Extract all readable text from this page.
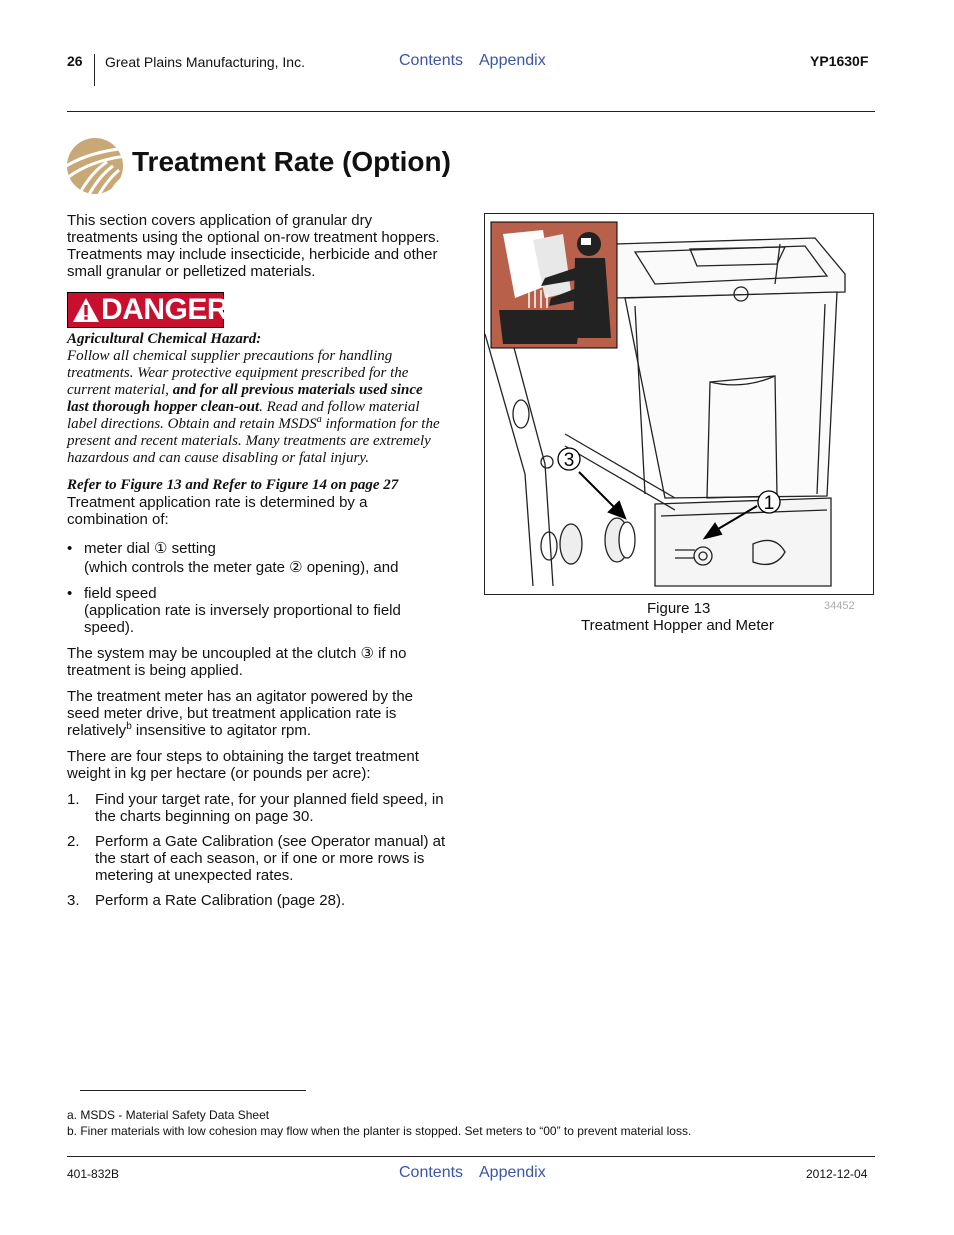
26 Great Plains Manufacturing, Inc.	Contents Appendix	YP1630F
Treatment Rate (Option)
This section covers application of granular dry
treatments using the optional on-row treatment hoppers.
Treatments may include insecticide, herbicide and other
small granular or pelletized materials.
DANGER
Agricultural Chemical Hazard:
Follow all chemical supplier precautions for handling
treatments. Wear protective equipment prescribed for the
current material, and for all previous materials used since
last thorough hopper clean-out. Read and follow material
label directions. Obtain and retain MSDS$^a$ information for the
present and recent materials. Many treatments are extremely
hazardous and can cause disabling or fatal injury.
Refer to Figure 13 and Refer to Figure 14 on page 27
Treatment application rate is determined by a
combination of:
• meter dial ① setting
(which controls the meter gate ② opening), and
• field speed
(application rate is inversely proportional to field
speed).
The system may be uncoupled at the clutch ③ if no
treatment is being applied.
The treatment meter has an agitator powered by the
seed meter drive, but treatment application rate is
relatively$^b$ insensitive to agitator rpm.
There are four steps to obtaining the target treatment
weight in kg per hectare (or pounds per acre):
1. Find your target rate, for your planned field speed, in
the charts beginning on page 30.
2. Perform a Gate Calibration (see Operator manual) at
the start of each season, or if one or more rows is
metering at unexpected rates.
3. Perform a Rate Calibration (page 28).
3
1
Figure 13
Treatment Hopper and Meter
34452
a. MSDS - Material Safety Data Sheet
b. Finer materials with low cohesion may flow when the planter is stopped. Set meters to “00” to prevent material loss.
401-832B	Contents Appendix	2012-12-04
